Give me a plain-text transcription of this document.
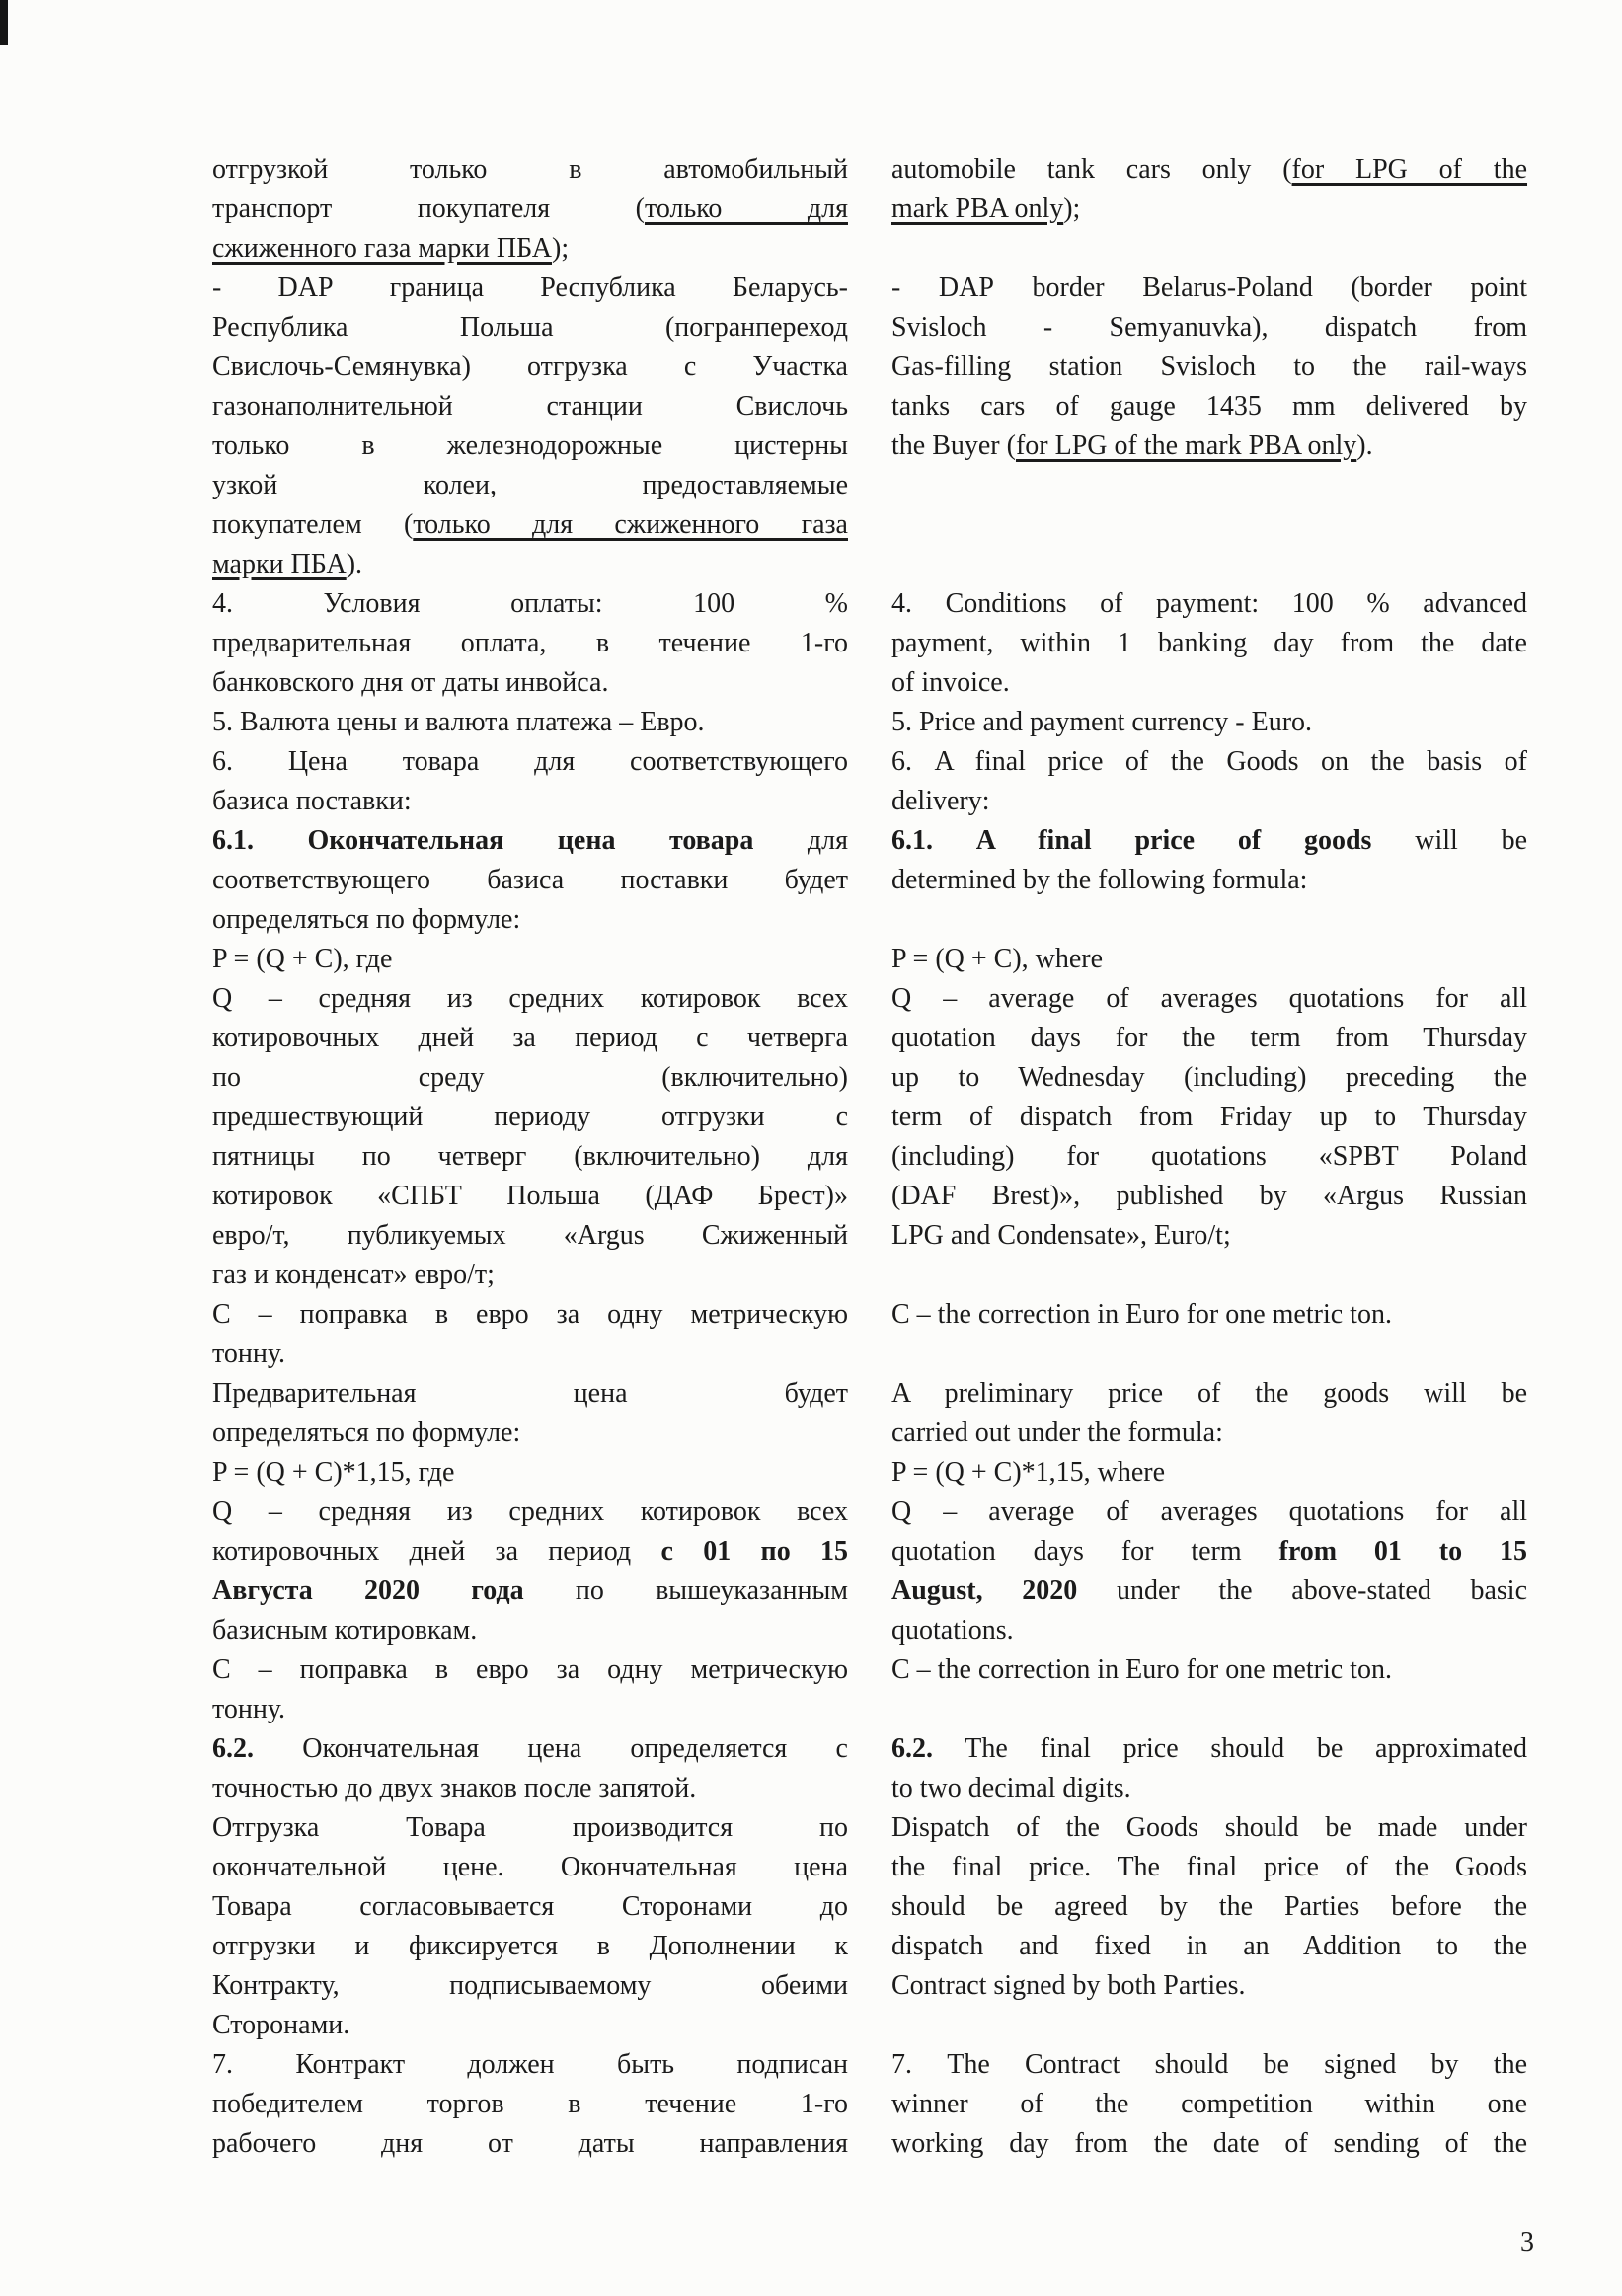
отгрузкой только в автомобильный automobile tank cars only (for LPG of the
транспорт покупателя (только для mark PBA only);
сжиженного газа марки ПБА);
- DAP граница Республика Беларусь- - DAP border Belarus-Poland (border point
Республика Польша (погранпереход Svisloch - Semyanuvka), dispatch from
Свислочь-Семянувка) отгрузка с Участка Gas-filling station Svisloch to the rail-ways
газонаполнительной станции Свислочь tanks cars of gauge 1435 mm delivered by
только в железнодорожные цистерны the Buyer (for LPG of the mark PBA only).
узкой колеи, предоставляемые
покупателем (только для сжиженного газа
марки ПБА).
4. Условия оплаты: 100 % 4. Conditions of payment: 100 % advanced
предварительная оплата, в течение 1-го payment, within 1 banking day from the date
банковского дня от даты инвойса.	of invoice.
5. Валюта цены и валюта платежа – Евро.	5. Price and payment currency - Euro.
6. Цена товара для соответствующего 6. A final price of the Goods on the basis of
базиса поставки:	delivery:
6.1. Окончательная цена товара для 6.1. A final price of goods will be
соответствующего базиса поставки будет determined by the following formula:
определяться по формуле:
P = (Q + C), где	P = (Q + C), where
Q – средняя из средних котировок всех Q – average of averages quotations for all
котировочных дней за период с четверга quotation days for the term from Thursday
по среду (включительно) up to Wednesday (including) preceding the
предшествующий периоду отгрузки с term of dispatch from Friday up to Thursday
пятницы по четверг (включительно) для (including) for quotations «SPBT Poland
котировок «СПБТ Польша (ДАФ Брест)» (DAF Brest)», published by «Argus Russian
евро/т, публикуемых «Argus Сжиженный LPG and Condensate», Euro/t;
газ и конденсат» евро/т;
С – поправка в евро за одну метрическую C – the correction in Euro for one metric ton.
тонну.
Предварительная цена будет A preliminary price of the goods will be
определяться по формуле:	carried out under the formula:
P = (Q + C)*1,15, где	P = (Q + C)*1,15, where
Q – средняя из средних котировок всех Q – average of averages quotations for all
котировочных дней за период с 01 по 15 quotation days for term from 01 to 15
Августа 2020 года по вышеуказанным August, 2020 under the above-stated basic
базисным котировкам.	quotations.
С – поправка в евро за одну метрическую C – the correction in Euro for one metric ton.
тонну.
6.2. Окончательная цена определяется с 6.2. The final price should be approximated
точностью до двух знаков после запятой.	to two decimal digits.
Отгрузка Товара производится по Dispatch of the Goods should be made under
окончательной цене. Окончательная цена the final price. The final price of the Goods
Товара согласовывается Сторонами до should be agreed by the Parties before the
отгрузки и фиксируется в Дополнении к dispatch and fixed in an Addition to the
Контракту, подписываемому обеими Contract signed by both Parties.
Сторонами.
7. Контракт должен быть подписан 7. The Contract should be signed by the
победителем торгов в течение 1-го winner of the competition within one
рабочего дня от даты направления working day from the date of sending of the
3
